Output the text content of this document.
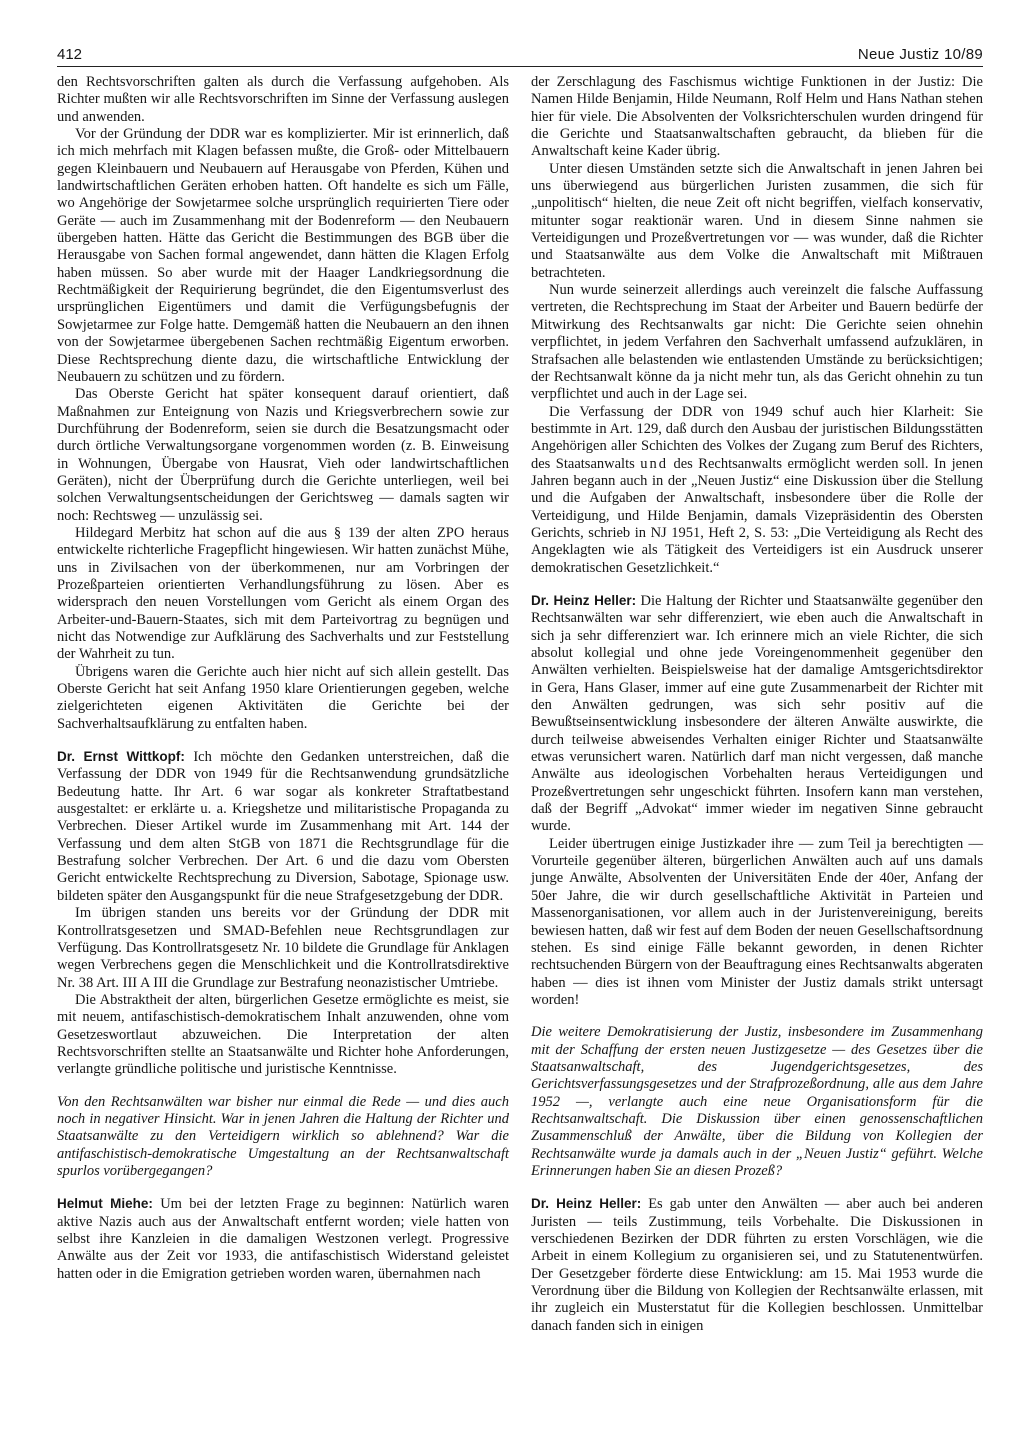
412	Neue Justiz 10/89

den Rechtsvorschriften galten als durch die Verfassung aufgehoben. Als Richter mußten wir alle Rechtsvorschriften im Sinne der Verfassung auslegen und anwenden.

Vor der Gründung der DDR war es komplizierter. Mir ist erinnerlich, daß ich mich mehrfach mit Klagen befassen mußte, die Groß- oder Mittelbauern gegen Kleinbauern und Neubauern auf Herausgabe von Pferden, Kühen und landwirtschaftlichen Geräten erhoben hatten. Oft handelte es sich um Fälle, wo Angehörige der Sowjetarmee solche ursprünglich requirierten Tiere oder Geräte — auch im Zusammenhang mit der Bodenreform — den Neubauern übergeben hatten. Hätte das Gericht die Bestimmungen des BGB über die Herausgabe von Sachen formal angewendet, dann hätten die Klagen Erfolg haben müssen. So aber wurde mit der Haager Landkriegsordnung die Rechtmäßigkeit der Requirierung begründet, die den Eigentumsverlust des ursprünglichen Eigentümers und damit die Verfügungsbefugnis der Sowjetarmee zur Folge hatte. Demgemäß hatten die Neubauern an den ihnen von der Sowjetarmee übergebenen Sachen rechtmäßig Eigentum erworben. Diese Rechtsprechung diente dazu, die wirtschaftliche Entwicklung der Neubauern zu schützen und zu fördern.

Das Oberste Gericht hat später konsequent darauf orientiert, daß Maßnahmen zur Enteignung von Nazis und Kriegsverbrechern sowie zur Durchführung der Bodenreform, seien sie durch die Besatzungsmacht oder durch örtliche Verwaltungsorgane vorgenommen worden (z. B. Einweisung in Wohnungen, Übergabe von Hausrat, Vieh oder landwirtschaftlichen Geräten), nicht der Überprüfung durch die Gerichte unterliegen, weil bei solchen Verwaltungsentscheidungen der Gerichtsweg — damals sagten wir noch: Rechtsweg — unzulässig sei.

Hildegard Merbitz hat schon auf die aus § 139 der alten ZPO heraus entwickelte richterliche Fragepflicht hingewiesen. Wir hatten zunächst Mühe, uns in Zivilsachen von der überkommenen, nur am Vorbringen der Prozeßparteien orientierten Verhandlungsführung zu lösen. Aber es widersprach den neuen Vorstellungen vom Gericht als einem Organ des Arbeiter-und-Bauern-Staates, sich mit dem Parteivortrag zu begnügen und nicht das Notwendige zur Aufklärung des Sachverhalts und zur Feststellung der Wahrheit zu tun.

Übrigens waren die Gerichte auch hier nicht auf sich allein gestellt. Das Oberste Gericht hat seit Anfang 1950 klare Orientierungen gegeben, welche zielgerichteten eigenen Aktivitäten die Gerichte bei der Sachverhaltsaufklärung zu entfalten haben.

Dr. Ernst Wittkopf: Ich möchte den Gedanken unterstreichen, daß die Verfassung der DDR von 1949 für die Rechtsanwendung grundsätzliche Bedeutung hatte. Ihr Art. 6 war sogar als konkreter Straftatbestand ausgestaltet: er erklärte u. a. Kriegshetze und militaristische Propaganda zu Verbrechen. Dieser Artikel wurde im Zusammenhang mit Art. 144 der Verfassung und dem alten StGB von 1871 die Rechtsgrundlage für die Bestrafung solcher Verbrechen. Der Art. 6 und die dazu vom Obersten Gericht entwickelte Rechtsprechung zu Diversion, Sabotage, Spionage usw. bildeten später den Ausgangspunkt für die neue Strafgesetzgebung der DDR.

Im übrigen standen uns bereits vor der Gründung der DDR mit Kontrollratsgesetzen und SMAD-Befehlen neue Rechtsgrundlagen zur Verfügung. Das Kontrollratsgesetz Nr. 10 bildete die Grundlage für Anklagen wegen Verbrechens gegen die Menschlichkeit und die Kontrollratsdirektive Nr. 38 Art. III A III die Grundlage zur Bestrafung neonazistischer Umtriebe.

Die Abstraktheit der alten, bürgerlichen Gesetze ermöglichte es meist, sie mit neuem, antifaschistisch-demokratischem Inhalt anzuwenden, ohne vom Gesetzeswortlaut abzuweichen. Die Interpretation der alten Rechtsvorschriften stellte an Staatsanwälte und Richter hohe Anforderungen, verlangte gründliche politische und juristische Kenntnisse.

Von den Rechtsanwälten war bisher nur einmal die Rede — und dies auch noch in negativer Hinsicht. War in jenen Jahren die Haltung der Richter und Staatsanwälte zu den Verteidigern wirklich so ablehnend? War die antifaschistisch-demokratische Umgestaltung an der Rechtsanwaltschaft spurlos vorübergegangen?

Helmut Miehe: Um bei der letzten Frage zu beginnen: Natürlich waren aktive Nazis auch aus der Anwaltschaft entfernt worden; viele hatten von selbst ihre Kanzleien in die damaligen Westzonen verlegt. Progressive Anwälte aus der Zeit vor 1933, die antifaschistisch Widerstand geleistet hatten oder in die Emigration getrieben worden waren, übernahmen nach

der Zerschlagung des Faschismus wichtige Funktionen in der Justiz: Die Namen Hilde Benjamin, Hilde Neumann, Rolf Helm und Hans Nathan stehen hier für viele. Die Absolventen der Volksrichterschulen wurden dringend für die Gerichte und Staatsanwaltschaften gebraucht, da blieben für die Anwaltschaft keine Kader übrig.

Unter diesen Umständen setzte sich die Anwaltschaft in jenen Jahren bei uns überwiegend aus bürgerlichen Juristen zusammen, die sich für „unpolitisch“ hielten, die neue Zeit oft nicht begriffen, vielfach konservativ, mitunter sogar reaktionär waren. Und in diesem Sinne nahmen sie Verteidigungen und Prozeßvertretungen vor — was wunder, daß die Richter und Staatsanwälte aus dem Volke die Anwaltschaft mit Mißtrauen betrachteten.

Nun wurde seinerzeit allerdings auch vereinzelt die falsche Auffassung vertreten, die Rechtsprechung im Staat der Arbeiter und Bauern bedürfe der Mitwirkung des Rechtsanwalts gar nicht: Die Gerichte seien ohnehin verpflichtet, in jedem Verfahren den Sachverhalt umfassend aufzuklären, in Strafsachen alle belastenden wie entlastenden Umstände zu berücksichtigen; der Rechtsanwalt könne da ja nicht mehr tun, als das Gericht ohnehin zu tun verpflichtet und auch in der Lage sei.

Die Verfassung der DDR von 1949 schuf auch hier Klarheit: Sie bestimmte in Art. 129, daß durch den Ausbau der juristischen Bildungsstätten Angehörigen aller Schichten des Volkes der Zugang zum Beruf des Richters, des Staatsanwalts und des Rechtsanwalts ermöglicht werden soll. In jenen Jahren begann auch in der „Neuen Justiz“ eine Diskussion über die Stellung und die Aufgaben der Anwaltschaft, insbesondere über die Rolle der Verteidigung, und Hilde Benjamin, damals Vizepräsidentin des Obersten Gerichts, schrieb in NJ 1951, Heft 2, S. 53: „Die Verteidigung als Recht des Angeklagten wie als Tätigkeit des Verteidigers ist ein Ausdruck unserer demokratischen Gesetzlichkeit.“

Dr. Heinz Heller: Die Haltung der Richter und Staatsanwälte gegenüber den Rechtsanwälten war sehr differenziert, wie eben auch die Anwaltschaft in sich ja sehr differenziert war. Ich erinnere mich an viele Richter, die sich absolut kollegial und ohne jede Voreingenommenheit gegenüber den Anwälten verhielten. Beispielsweise hat der damalige Amtsgerichtsdirektor in Gera, Hans Glaser, immer auf eine gute Zusammenarbeit der Richter mit den Anwälten gedrungen, was sich sehr positiv auf die Bewußtseinsentwicklung insbesondere der älteren Anwälte auswirkte, die durch teilweise abweisendes Verhalten einiger Richter und Staatsanwälte etwas verunsichert waren. Natürlich darf man nicht vergessen, daß manche Anwälte aus ideologischen Vorbehalten heraus Verteidigungen und Prozeßvertretungen sehr ungeschickt führten. Insofern kann man verstehen, daß der Begriff „Advokat“ immer wieder im negativen Sinne gebraucht wurde.

Leider übertrugen einige Justizkader ihre — zum Teil ja berechtigten — Vorurteile gegenüber älteren, bürgerlichen Anwälten auch auf uns damals junge Anwälte, Absolventen der Universitäten Ende der 40er, Anfang der 50er Jahre, die wir durch gesellschaftliche Aktivität in Parteien und Massenorganisationen, vor allem auch in der Juristenvereinigung, bereits bewiesen hatten, daß wir fest auf dem Boden der neuen Gesellschaftsordnung stehen. Es sind einige Fälle bekannt geworden, in denen Richter rechtsuchenden Bürgern von der Beauftragung eines Rechtsanwalts abgeraten haben — dies ist ihnen vom Minister der Justiz damals strikt untersagt worden!

Die weitere Demokratisierung der Justiz, insbesondere im Zusammenhang mit der Schaffung der ersten neuen Justizgesetze — des Gesetzes über die Staatsanwaltschaft, des Jugendgerichtsgesetzes, des Gerichtsverfassungsgesetzes und der Strafprozeßordnung, alle aus dem Jahre 1952 —, verlangte auch eine neue Organisationsform für die Rechtsanwaltschaft. Die Diskussion über einen genossenschaftlichen Zusammenschluß der Anwälte, über die Bildung von Kollegien der Rechtsanwälte wurde ja damals auch in der „Neuen Justiz“ geführt. Welche Erinnerungen haben Sie an diesen Prozeß?

Dr. Heinz Heller: Es gab unter den Anwälten — aber auch bei anderen Juristen — teils Zustimmung, teils Vorbehalte. Die Diskussionen in verschiedenen Bezirken der DDR führten zu ersten Vorschlägen, wie die Arbeit in einem Kollegium zu organisieren sei, und zu Statutenentwürfen. Der Gesetzgeber förderte diese Entwicklung: am 15. Mai 1953 wurde die Verordnung über die Bildung von Kollegien der Rechtsanwälte erlassen, mit ihr zugleich ein Musterstatut für die Kollegien beschlossen. Unmittelbar danach fanden sich in einigen
